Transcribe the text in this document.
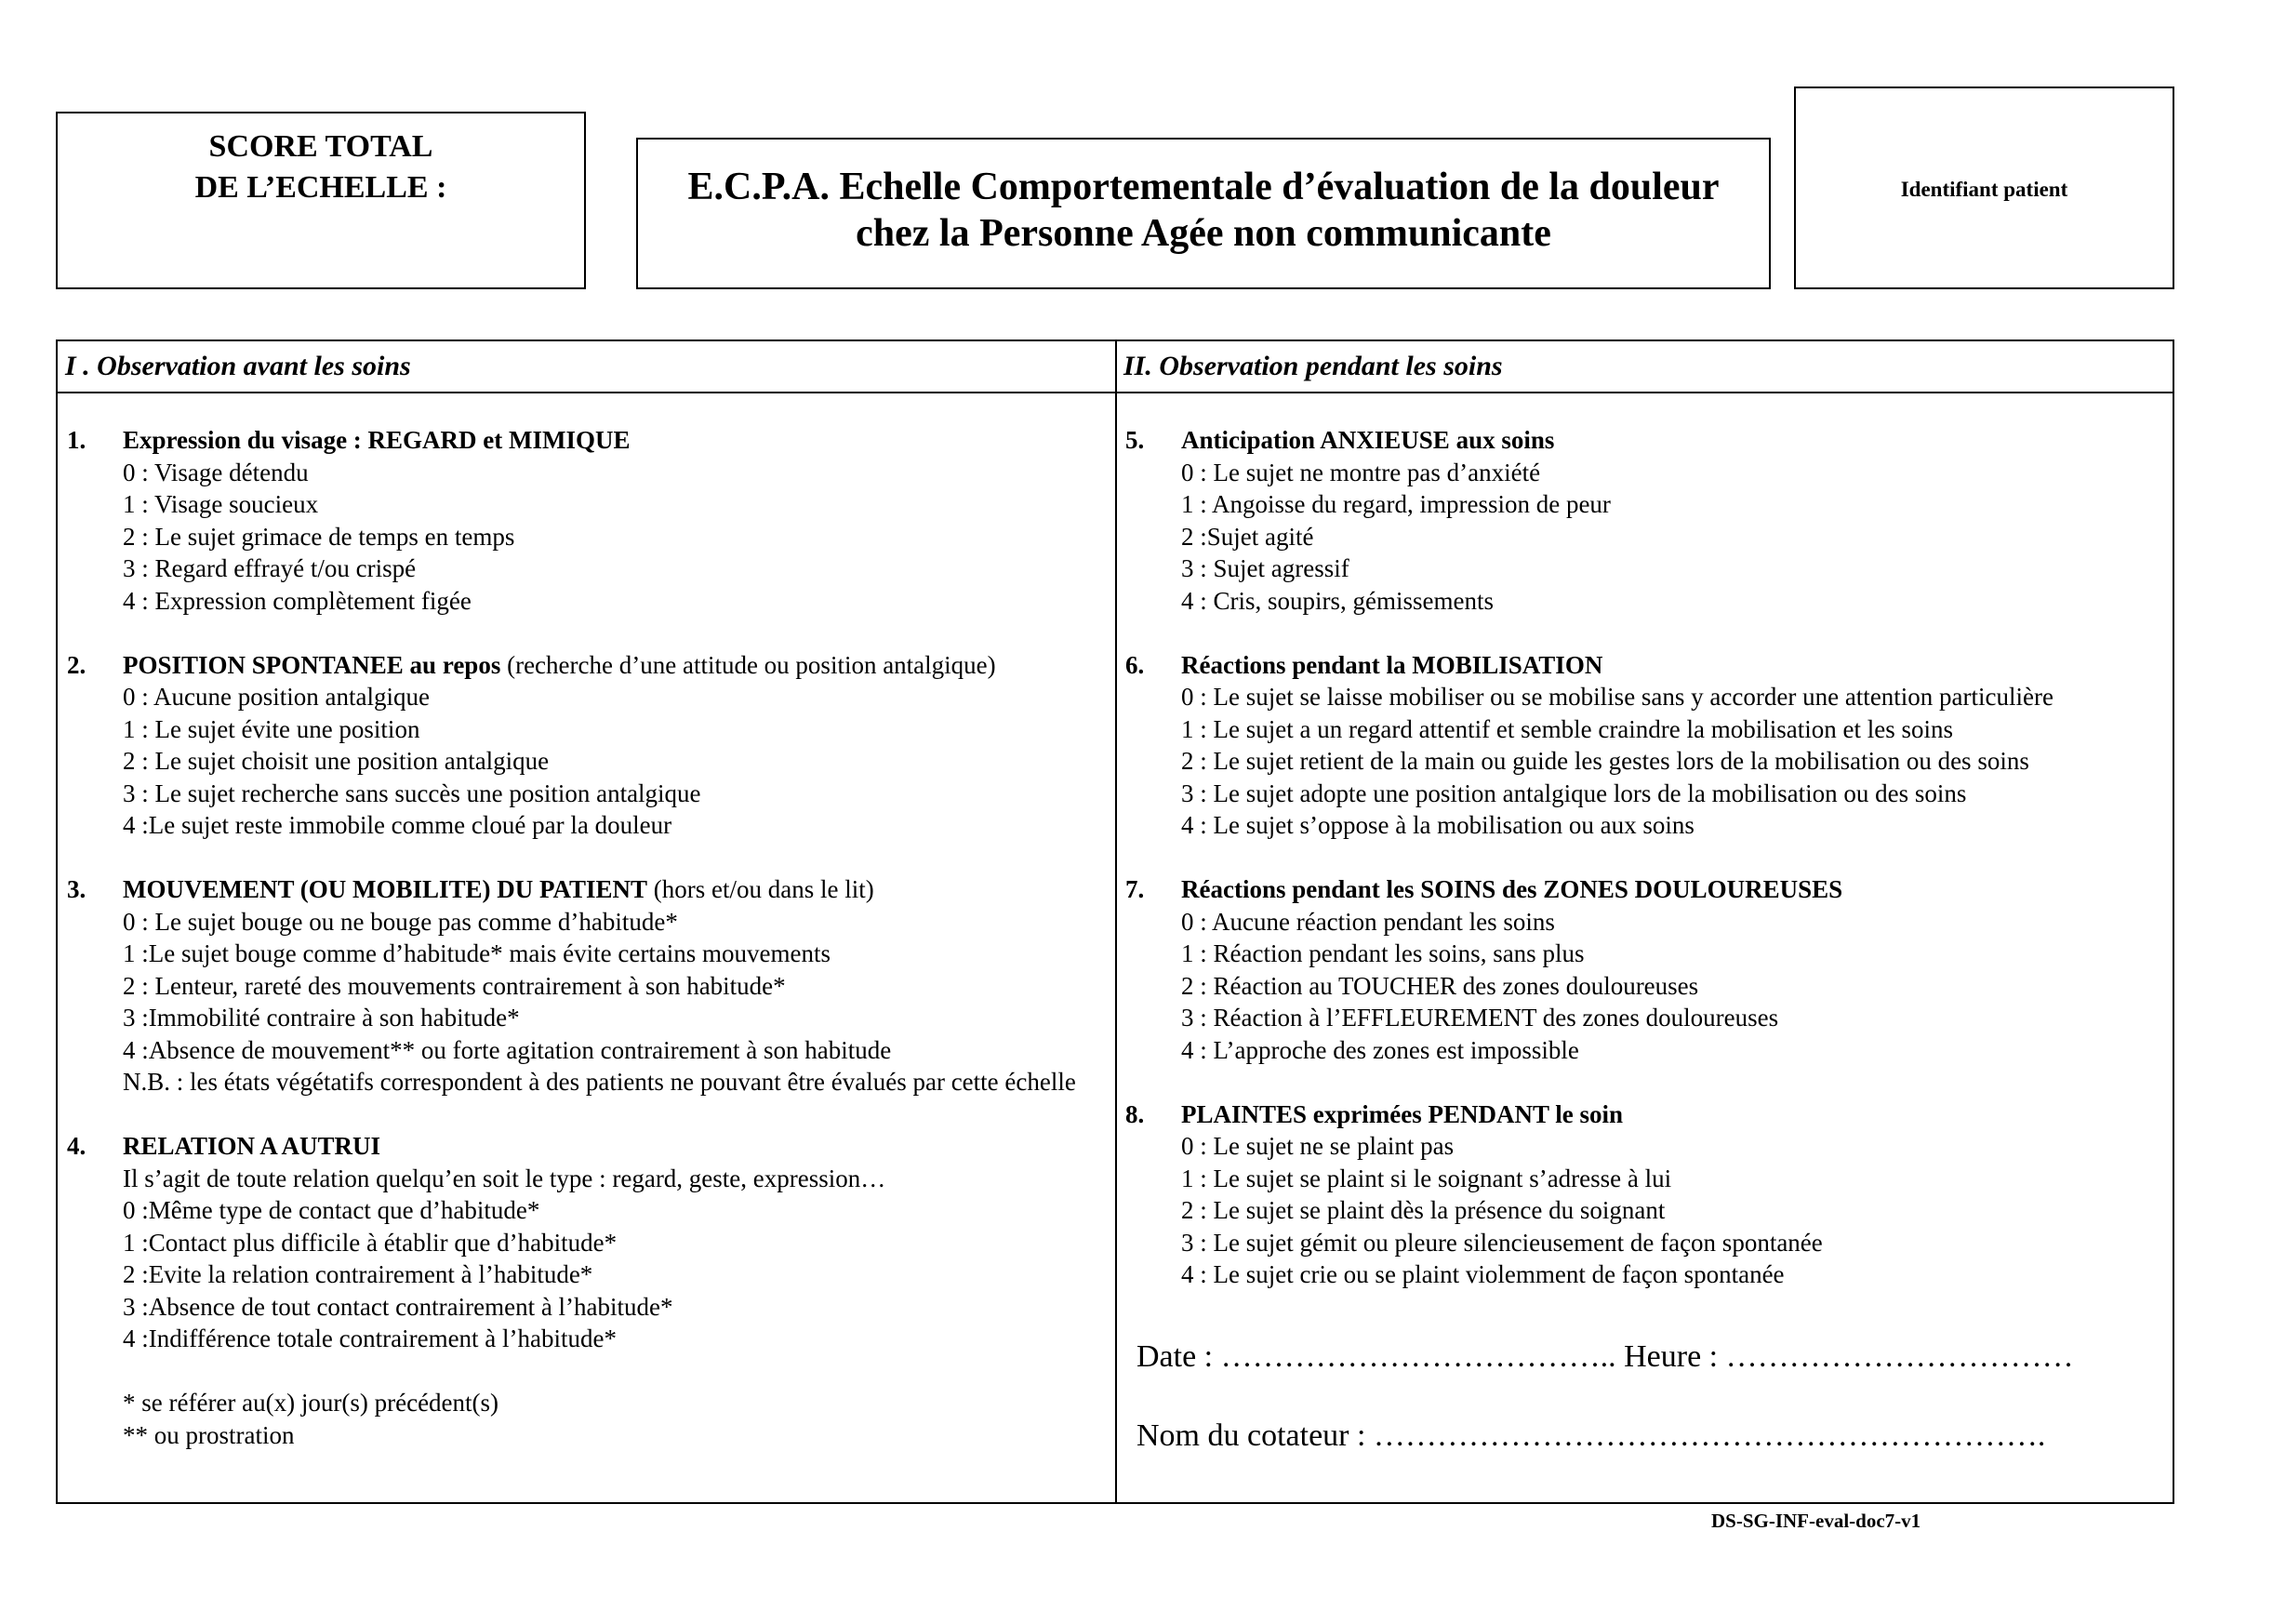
SCORE TOTAL
DE L’ECHELLE :	E.C.P.A. Echelle Comportementale d’évaluation de la douleur
chez la Personne Agée non communicante
Identifiant patient
I . Observation avant les soins	II. Observation pendant les soins
1. Expression du visage : REGARD et MIMIQUE
0 : Visage détendu
1 : Visage soucieux
2 : Le sujet grimace de temps en temps
3 : Regard effrayé t/ou crispé
4 : Expression complètement figée
2. POSITION SPONTANEE au repos (recherche d’une attitude ou position antalgique)
0 : Aucune position antalgique
1 : Le sujet évite une position
2 : Le sujet choisit une position antalgique
3 : Le sujet recherche sans succès une position antalgique
4 :Le sujet reste immobile comme cloué par la douleur
3. MOUVEMENT (OU MOBILITE) DU PATIENT (hors et/ou dans le lit)
0 : Le sujet bouge ou ne bouge pas comme d’habitude*
1 :Le sujet bouge comme d’habitude* mais évite certains mouvements
2 : Lenteur, rareté des mouvements contrairement à son habitude*
3 :Immobilité contraire à son habitude*
4 :Absence de mouvement** ou forte agitation contrairement à son habitude
N.B. : les états végétatifs correspondent à des patients ne pouvant être évalués par cette échelle
4. RELATION A AUTRUI
Il s’agit de toute relation quelqu’en soit le type : regard, geste, expression…
0 :Même type de contact que d’habitude*
1 :Contact plus difficile à établir que d’habitude*
2 :Evite la relation contrairement à l’habitude*
3 :Absence de tout contact contrairement à l’habitude*
4 :Indifférence totale contrairement à l’habitude*
* se référer au(x) jour(s) précédent(s)
** ou prostration
5. Anticipation ANXIEUSE aux soins
0 : Le sujet ne montre pas d’anxiété
1 : Angoisse du regard, impression de peur
2 :Sujet agité
3 : Sujet agressif
4 : Cris, soupirs, gémissements
6. Réactions pendant la MOBILISATION
0 : Le sujet se laisse mobiliser ou se mobilise sans y accorder une attention particulière
1 : Le sujet a un regard attentif et semble craindre la mobilisation et les soins
2 : Le sujet retient de la main ou guide les gestes lors de la mobilisation ou des soins
3 : Le sujet adopte une position antalgique lors de la mobilisation ou des soins
4 : Le sujet s’oppose à la mobilisation ou aux soins
7. Réactions pendant les SOINS des ZONES DOULOUREUSES
0 : Aucune réaction pendant les soins
1 : Réaction pendant les soins, sans plus
2 : Réaction au TOUCHER des zones douloureuses
3 : Réaction à l’EFFLEUREMENT des zones douloureuses
4 : L’approche des zones est impossible
8. PLAINTES exprimées PENDANT le soin
0 : Le sujet ne se plaint pas
1 : Le sujet se plaint si le soignant s’adresse à lui
2 : Le sujet se plaint dès la présence du soignant
3 : Le sujet gémit ou pleure silencieusement de façon spontanée
4 : Le sujet crie ou se plaint violemment de façon spontanée
Date : ……………………………….. Heure : ……………………………
Nom du cotateur : ……………………………………………………….
DS-SG-INF-eval-doc7-v1
